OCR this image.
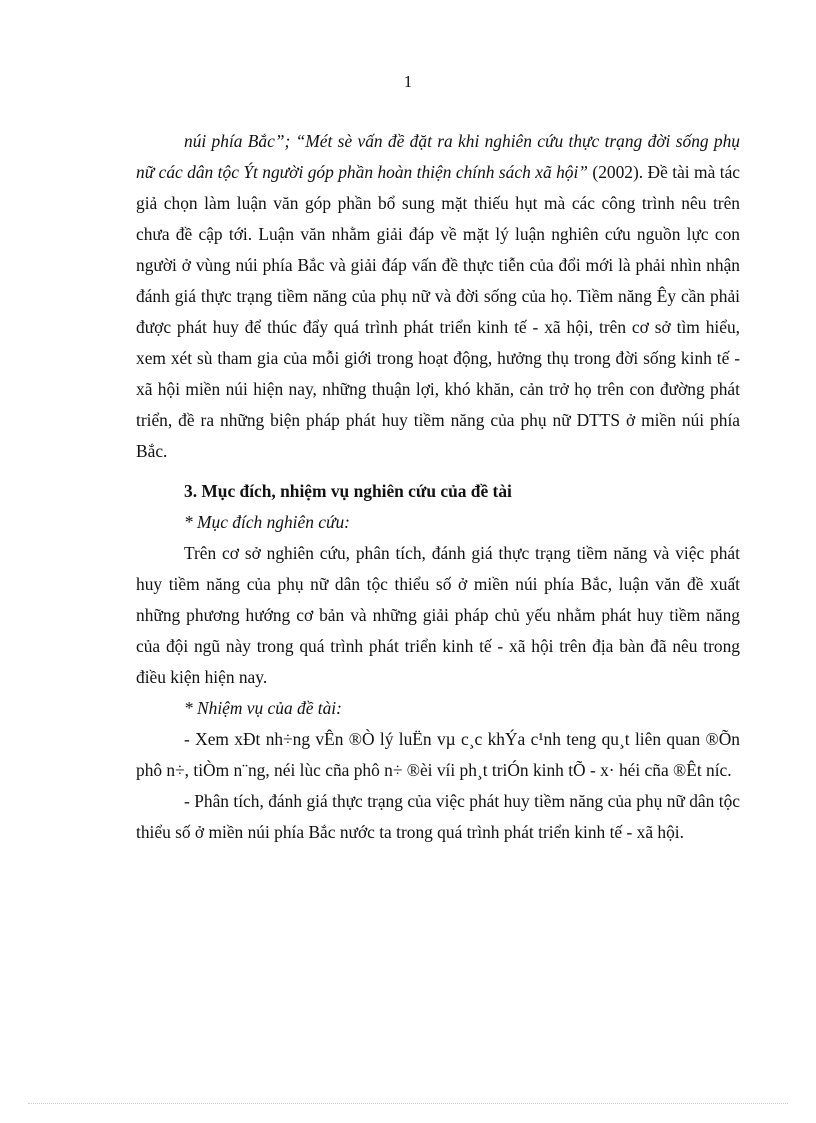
1

núi phía Bắc”; “Mét sè vấn đề đặt ra khi nghiên cứu thực trạng đời sống phụ nữ các dân tộc Ýt người góp phần hoàn thiện chính sách xã hội” (2002). Đề tài mà tác giả chọn làm luận văn góp phần bổ sung mặt thiếu hụt mà các công trình nêu trên chưa đề cập tới. Luận văn nhằm giải đáp về mặt lý luận nghiên cứu nguồn lực con người ở vùng núi phía Bắc và giải đáp vấn đề thực tiễn của đổi mới là phải nhìn nhận đánh giá thực trạng tiềm năng của phụ nữ và đời sống của họ. Tiềm năng Êy cần phải được phát huy để thúc đẩy quá trình phát triển kinh tế - xã hội, trên cơ sở tìm hiểu, xem xét sù tham gia của mỗi giới trong hoạt động, hưởng thụ trong đời sống kinh tế - xã hội miền núi hiện nay, những thuận lợi, khó khăn, cản trở họ trên con đường phát triển, đề ra những biện pháp phát huy tiềm năng của phụ nữ DTTS ở miền núi phía Bắc.

3. Mục đích, nhiệm vụ nghiên cứu của đề tài

* Mục đích nghiên cứu:

Trên cơ sở nghiên cứu, phân tích, đánh giá thực trạng tiềm năng và việc phát huy tiềm năng của phụ nữ dân tộc thiểu số ở miền núi phía Bắc, luận văn đề xuất những phương hướng cơ bản và những giải pháp chủ yếu nhằm phát huy tiềm năng của đội ngũ này trong quá trình phát triển kinh tế - xã hội trên địa bàn đã nêu trong điều kiện hiện nay.

* Nhiệm vụ của đề tài:

- Xem xÐt nh÷ng vÊn ®Ò lý luËn vµ c¸c khÝa c¹nh teng qu¸t liên quan ®Õn phô n÷, tiÒm n¨ng, néi lùc cña phô n÷ ®èi víi ph¸t triÓn kinh tÕ - x· héi cña ®Êt níc.

- Phân tích, đánh giá thực trạng của việc phát huy tiềm năng của phụ nữ dân tộc thiểu số ở miền núi phía Bắc nước ta trong quá trình phát triển kinh tế - xã hội.
